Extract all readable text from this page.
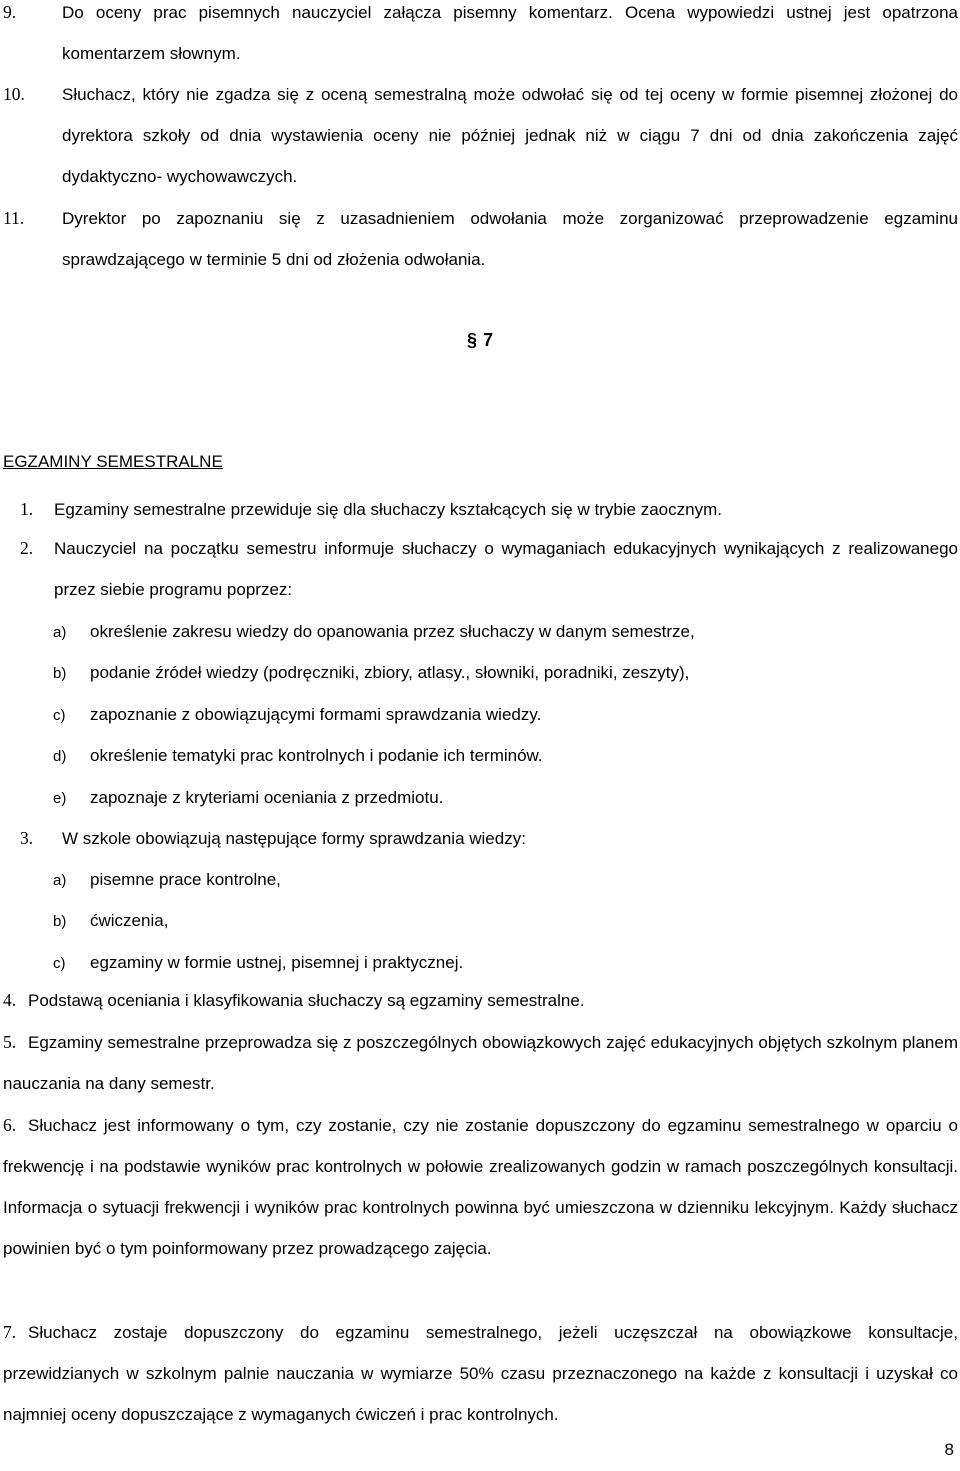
9.	Do oceny prac pisemnych nauczyciel załącza pisemny komentarz. Ocena wypowiedzi ustnej jest opatrzona komentarzem słownym.

10. Słuchacz, który nie zgadza się z oceną semestralną może odwołać się od tej oceny w formie pisemnej złożonej do dyrektora szkoły od dnia wystawienia oceny nie później jednak niż w ciągu 7 dni od dnia zakończenia zajęć dydaktyczno- wychowawczych.

11. Dyrektor po zapoznaniu się z uzasadnieniem odwołania może zorganizować przeprowadzenie egzaminu sprawdzającego w terminie 5 dni od złożenia odwołania.

§ 7
EGZAMINY SEMESTRALNE
1. Egzaminy semestralne przewiduje się dla słuchaczy kształcących się w trybie zaocznym.

2. Nauczyciel na początku semestru informuje słuchaczy o wymaganiach edukacyjnych wynikających z realizowanego przez siebie programu poprzez:

a) określenie zakresu wiedzy do opanowania przez słuchaczy w danym semestrze,
b) podanie źródeł wiedzy (podręczniki, zbiory, atlasy., słowniki, poradniki, zeszyty),
c) zapoznanie z obowiązującymi formami sprawdzania wiedzy.
d) określenie tematyki prac kontrolnych i podanie ich terminów.
e) zapoznaje z kryteriami oceniania z przedmiotu.
3. W szkole obowiązują następujące formy sprawdzania wiedzy:

a) pisemne prace kontrolne,
b) ćwiczenia,
c) egzaminy w formie ustnej, pisemnej i praktycznej.
4. Podstawą oceniania i klasyfikowania słuchaczy są egzaminy semestralne.

5. Egzaminy semestralne przeprowadza się z poszczególnych obowiązkowych zajęć edukacyjnych objętych szkolnym planem nauczania na dany semestr.

6. Słuchacz jest informowany o tym, czy zostanie, czy nie zostanie dopuszczony do egzaminu semestralnego w oparciu o frekwencję i na podstawie wyników prac kontrolnych w połowie zrealizowanych godzin w ramach poszczególnych konsultacji. Informacja o sytuacji frekwencji i wyników prac kontrolnych powinna być umieszczona w dzienniku lekcyjnym. Każdy słuchacz powinien być o tym poinformowany przez prowadzącego zajęcia.

7. Słuchacz zostaje dopuszczony do egzaminu semestralnego, jeżeli uczęszczał na obowiązkowe konsultacje, przewidzianych w szkolnym palnie nauczania w wymiarze 50% czasu przeznaczonego na każde z konsultacji i uzyskał co najmniej oceny dopuszczające z wymaganych ćwiczeń i prac kontrolnych.

8
